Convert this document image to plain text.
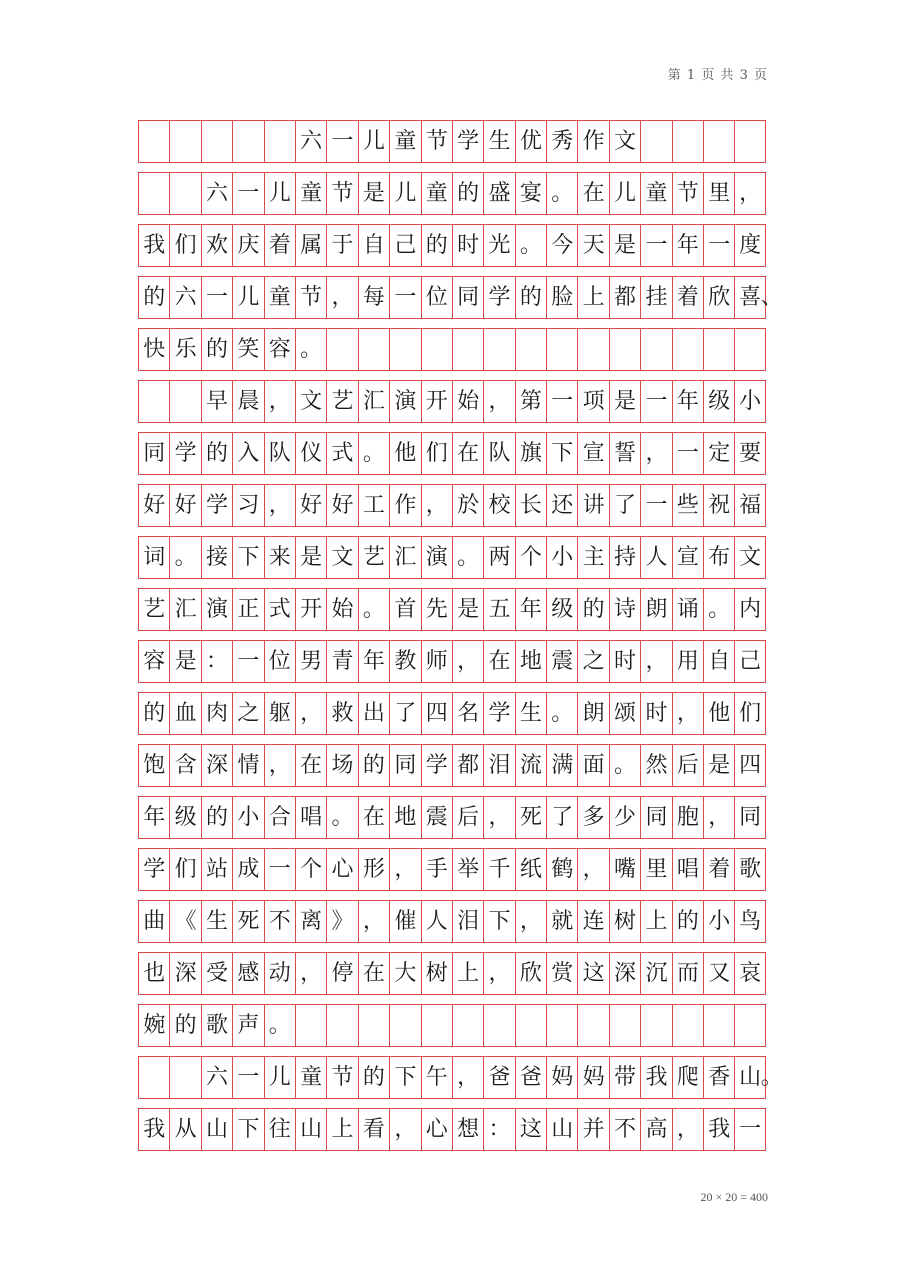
第 1 页 共 3 页
六 一 儿 童 节 学 生 优 秀 作 文
六 一 儿 童 节 是 儿 童 的 盛 宴 。 在 儿 童 节 里 ，
我 们 欢 庆 着 属 于 自 己 的 时 光 。 今 天 是 一 年 一 度
的 六 一 儿 童 节 ， 每 一 位 同 学 的 脸 上 都 挂 着 欣 喜 、
快 乐 的 笑 容 。
早 晨 ， 文 艺 汇 演 开 始 ， 第 一 项 是 一 年 级 小
同 学 的 入 队 仪 式 。 他 们 在 队 旗 下 宣 誓 ， 一 定 要
好 好 学 习 ， 好 好 工 作 ， 於 校 长 还 讲 了 一 些 祝 福
词 。 接 下 来 是 文 艺 汇 演 。 两 个 小 主 持 人 宣 布 文
艺 汇 演 正 式 开 始 。 首 先 是 五 年 级 的 诗 朗 诵 。 内
容 是 ： 一 位 男 青 年 教 师 ， 在 地 震 之 时 ， 用 自 己
的 血 肉 之 躯 ， 救 出 了 四 名 学 生 。 朗 颂 时 ， 他 们
饱 含 深 情 ， 在 场 的 同 学 都 泪 流 满 面 。 然 后 是 四
年 级 的 小 合 唱 。 在 地 震 后 ， 死 了 多 少 同 胞 ， 同
学 们 站 成 一 个 心 形 ， 手 举 千 纸 鹤 ， 嘴 里 唱 着 歌
曲 《 生 死 不 离 》 ， 催 人 泪 下 ， 就 连 树 上 的 小 鸟
也 深 受 感 动 ， 停 在 大 树 上 ， 欣 赏 这 深 沉 而 又 哀
婉 的 歌 声 。
六 一 儿 童 节 的 下 午 ， 爸 爸 妈 妈 带 我 爬 香 山 。
我 从 山 下 往 山 上 看 ， 心 想 ： 这 山 并 不 高 ， 我 一
20 × 20 = 400
